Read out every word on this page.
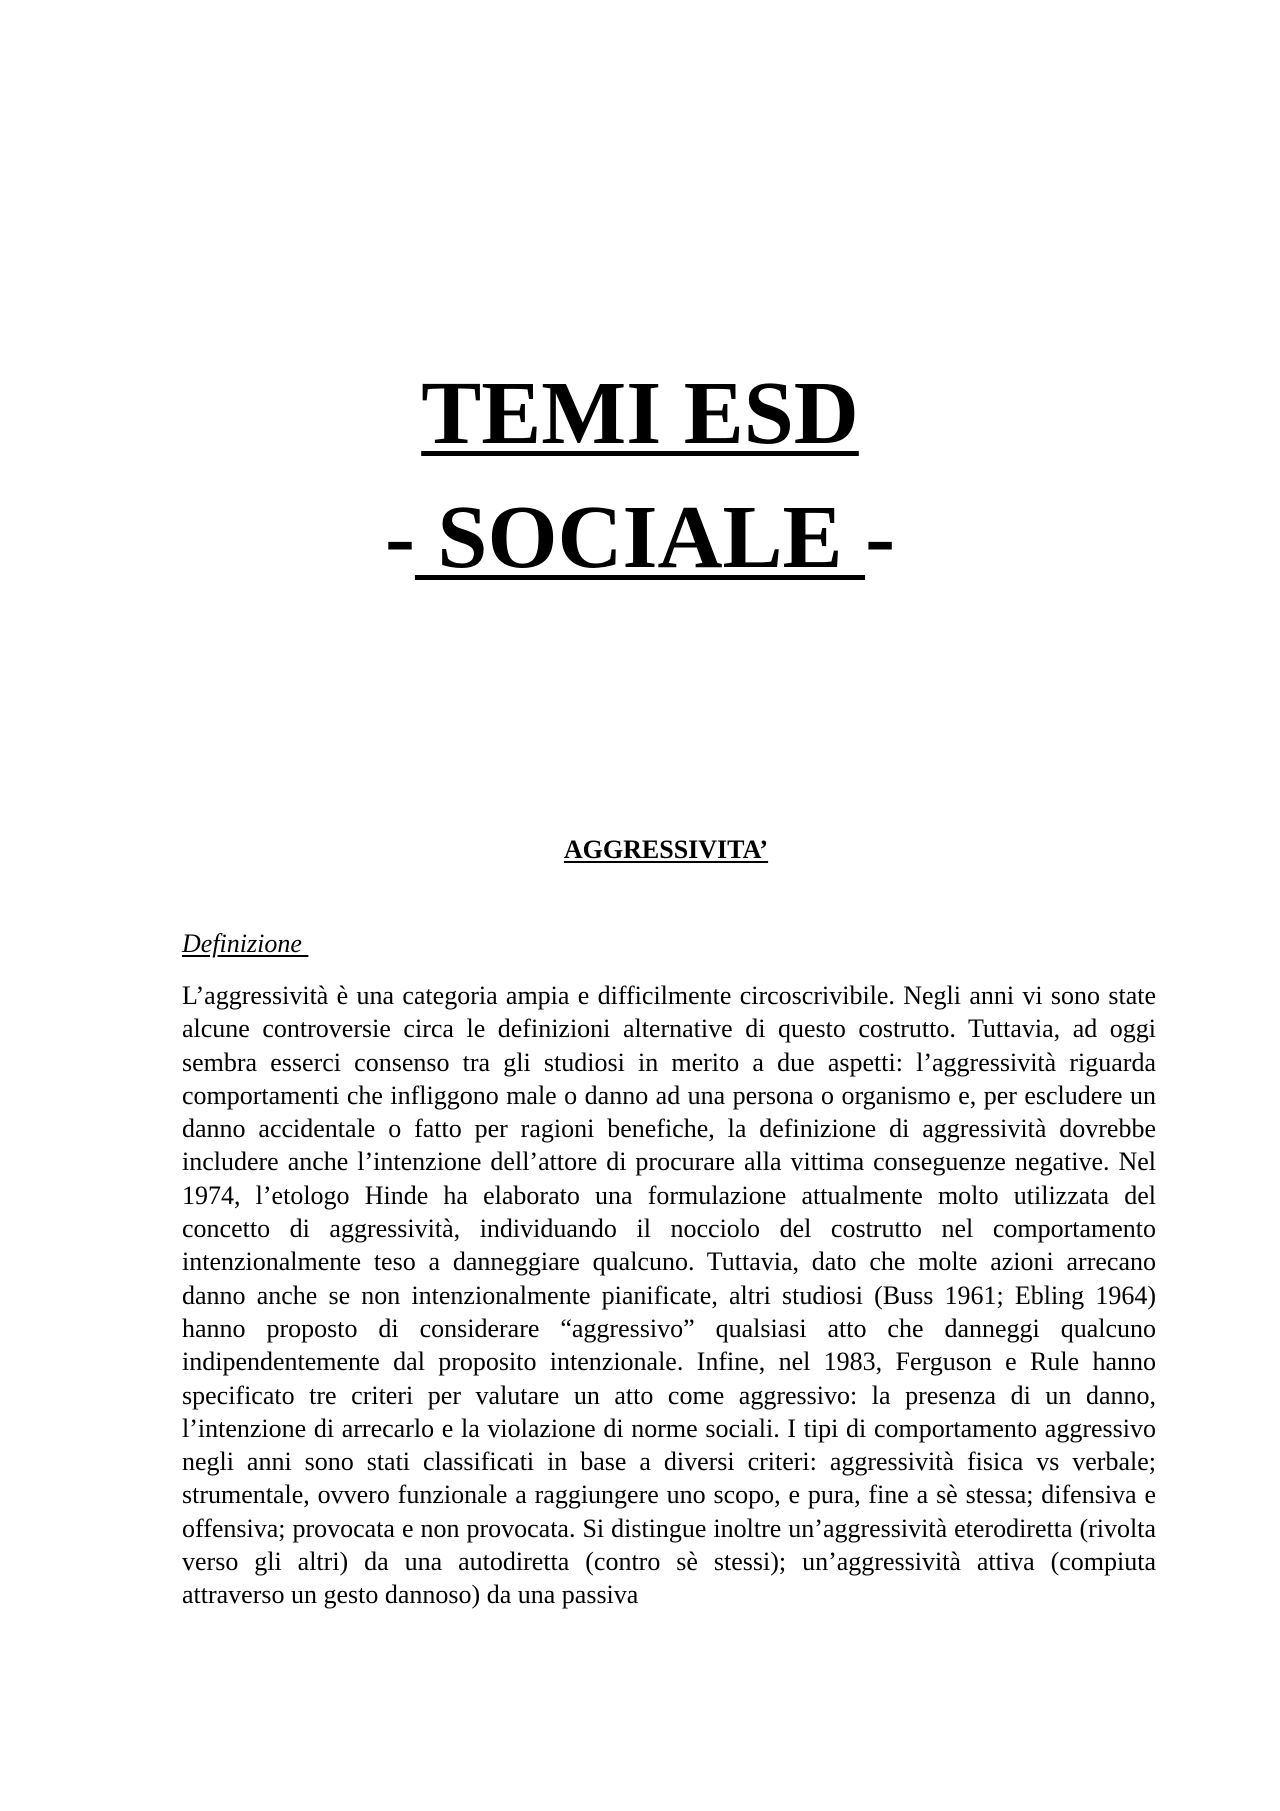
TEMI ESD

- SOCIALE -

AGGRESSIVITA’

Definizione

L’aggressività è una categoria ampia e difficilmente circoscrivibile. Negli anni vi sono state alcune controversie circa le definizioni alternative di questo costrutto. Tuttavia, ad oggi sembra esserci consenso tra gli studiosi in merito a due aspetti: l’aggressività riguarda comportamenti che infliggono male o danno ad una persona o organismo e, per escludere un danno accidentale o fatto per ragioni benefiche, la definizione di aggressività dovrebbe includere anche l’intenzione dell’attore di procurare alla vittima conseguenze negative. Nel 1974, l’etologo Hinde ha elaborato una formulazione attualmente molto utilizzata del concetto di aggressività, individuando il nocciolo del costrutto nel comportamento intenzionalmente teso a danneggiare qualcuno. Tuttavia, dato che molte azioni arrecano danno anche se non intenzionalmente pianificate, altri studiosi (Buss 1961; Ebling 1964) hanno proposto di considerare “aggressivo” qualsiasi atto che danneggi qualcuno indipendentemente dal proposito intenzionale. Infine, nel 1983, Ferguson e Rule hanno specificato tre criteri per valutare un atto come aggressivo: la presenza di un danno, l’intenzione di arrecarlo e la violazione di norme sociali. I tipi di comportamento aggressivo negli anni sono stati classificati in base a diversi criteri: aggressività fisica vs verbale; strumentale, ovvero funzionale a raggiungere uno scopo, e pura, fine a sè stessa; difensiva e offensiva; provocata e non provocata. Si distingue inoltre un’aggressività eterodiretta (rivolta verso gli altri) da una autodiretta (contro sè stessi); un’aggressività attiva (compiuta attraverso un gesto dannoso) da una passiva
